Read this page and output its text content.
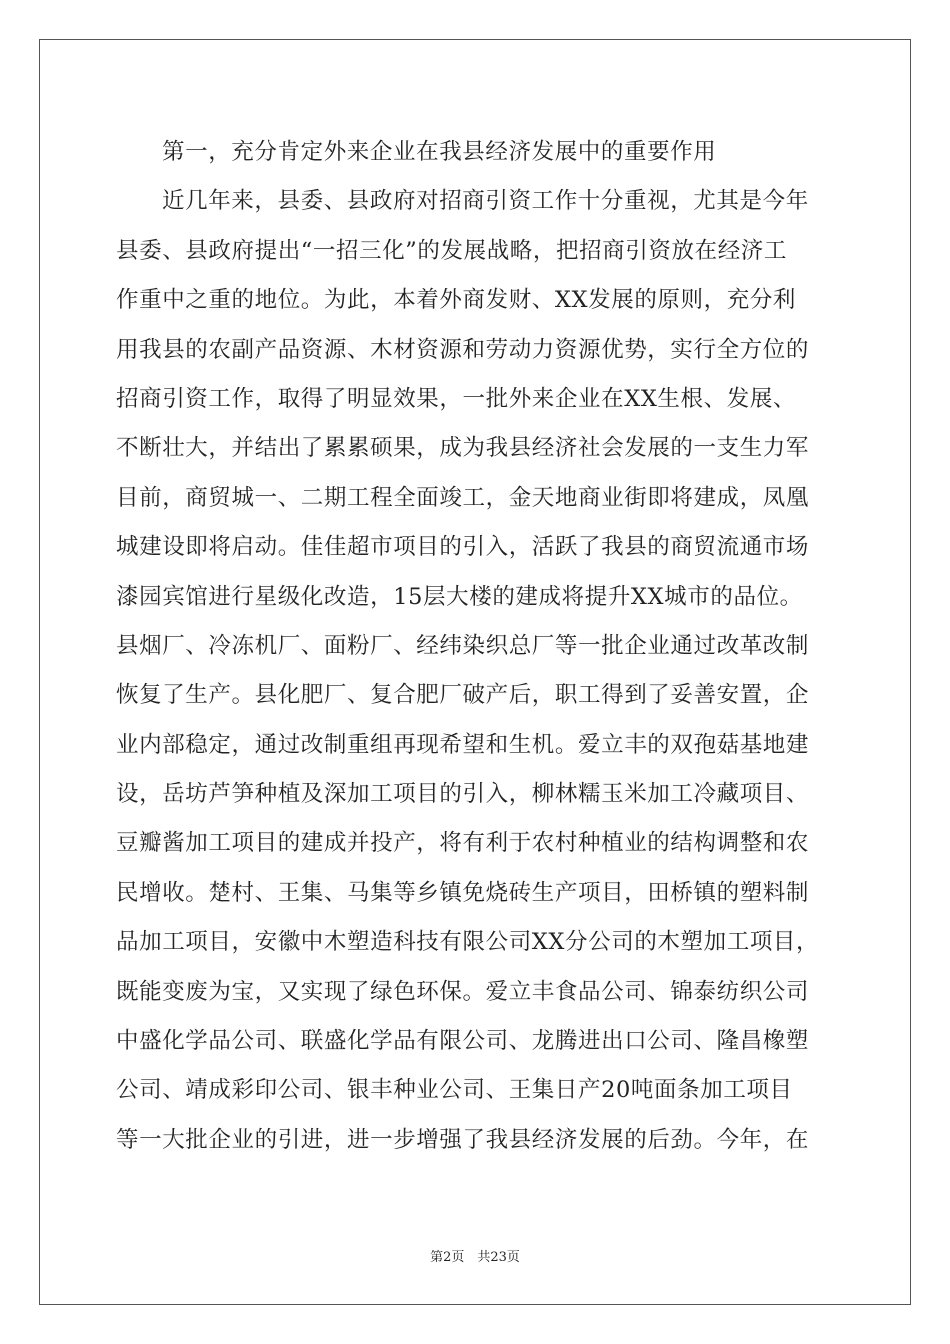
第一，充分肯定外来企业在我县经济发展中的重要作用
近几年来，县委、县政府对招商引资工作十分重视，尤其是今年
县委、县政府提出“一招三化”的发展战略，把招商引资放在经济工
作重中之重的地位。为此，本着外商发财、XX发展的原则，充分利
用我县的农副产品资源、木材资源和劳动力资源优势，实行全方位的
招商引资工作，取得了明显效果，一批外来企业在XX生根、发展、
不断壮大，并结出了累累硕果，成为我县经济社会发展的一支生力军
目前，商贸城一、二期工程全面竣工，金天地商业街即将建成，凤凰
城建设即将启动。佳佳超市项目的引入，活跃了我县的商贸流通市场
漆园宾馆进行星级化改造，15层大楼的建成将提升XX城市的品位。
县烟厂、冷冻机厂、面粉厂、经纬染织总厂等一批企业通过改革改制
恢复了生产。县化肥厂、复合肥厂破产后，职工得到了妥善安置，企
业内部稳定，通过改制重组再现希望和生机。爱立丰的双孢菇基地建
设，岳坊芦笋种植及深加工项目的引入，柳林糯玉米加工冷藏项目、
豆瓣酱加工项目的建成并投产，将有利于农村种植业的结构调整和农
民增收。楚村、王集、马集等乡镇免烧砖生产项目，田桥镇的塑料制
品加工项目，安徽中木塑造科技有限公司XX分公司的木塑加工项目，
既能变废为宝，又实现了绿色环保。爱立丰食品公司、锦泰纺织公司
中盛化学品公司、联盛化学品有限公司、龙腾进出口公司、隆昌橡塑
公司、靖成彩印公司、银丰种业公司、王集日产20吨面条加工项目
等一大批企业的引进，进一步增强了我县经济发展的后劲。今年，在
第2页　共23页
